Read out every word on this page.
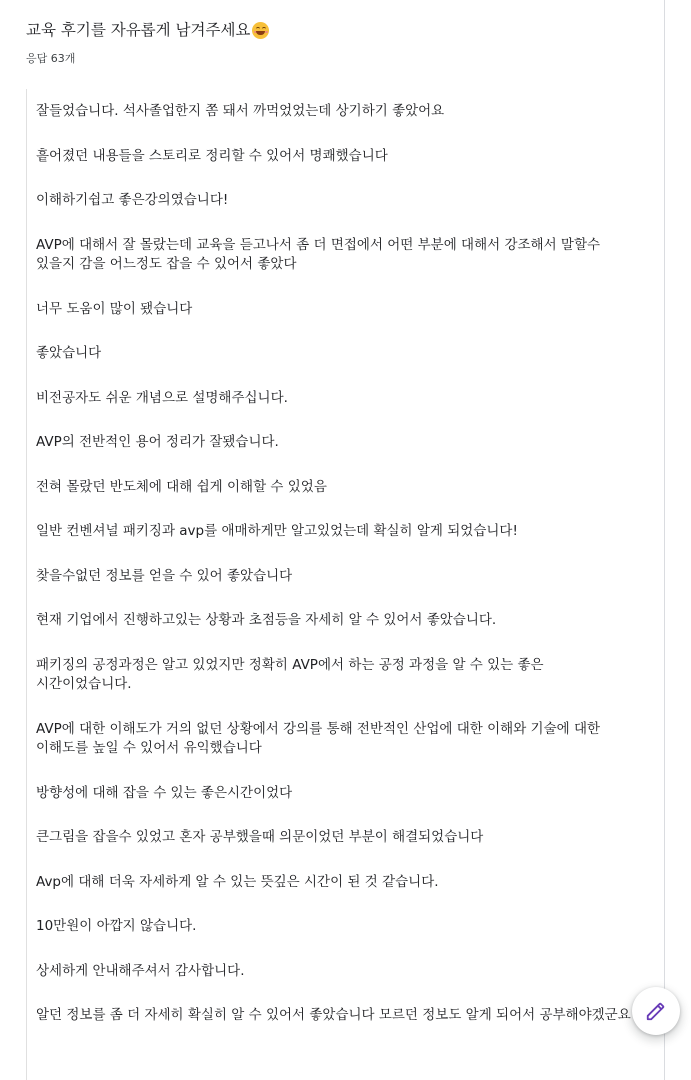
교육 후기를 자유롭게 남겨주세요
응답 63개
잘들었습니다. 석사졸업한지 쫌 돼서 까먹었었는데 상기하기 좋았어요
흩어졌던 내용들을 스토리로 정리할 수 있어서 명쾌했습니다
이해하기쉽고 좋은강의였습니다!
AVP에 대해서 잘 몰랐는데 교육을 듣고나서 좀 더 면접에서 어떤 부분에 대해서 강조해서 말할수 있을지 감을 어느정도 잡을 수 있어서 좋았다
너무 도움이 많이 됐습니다
좋았습니다
비전공자도 쉬운 개념으로 설명해주십니다.
AVP의 전반적인 용어 정리가 잘됐습니다.
전혀 몰랐던 반도체에 대해 쉽게 이해할 수 있었음
일반 컨벤셔널 패키징과 avp를 애매하게만 알고있었는데 확실히 알게 되었습니다!
찾을수없던 정보를 얻을 수 있어 좋았습니다
현재 기업에서 진행하고있는 상황과 초점등을 자세히 알 수 있어서 좋았습니다.
패키징의 공정과정은 알고 있었지만 정확히 AVP에서 하는 공정 과정을 알 수 있는 좋은 시간이었습니다.
AVP에 대한 이해도가 거의 없던 상황에서 강의를 통해 전반적인 산업에 대한 이해와 기술에 대한 이해도를 높일 수 있어서 유익했습니다
방향성에 대해 잡을 수 있는 좋은시간이었다
큰그림을 잡을수 있었고 혼자 공부했을때 의문이었던 부분이 해결되었습니다
Avp에 대해 더욱 자세하게 알 수 있는 뜻깊은 시간이 된 것 같습니다.
10만원이 아깝지 않습니다.
상세하게 안내해주셔서 감사합니다.
알던 정보를 좀 더 자세히 확실히 알 수 있어서 좋았습니다 모르던 정보도 알게 되어서 공부해야겠군요
